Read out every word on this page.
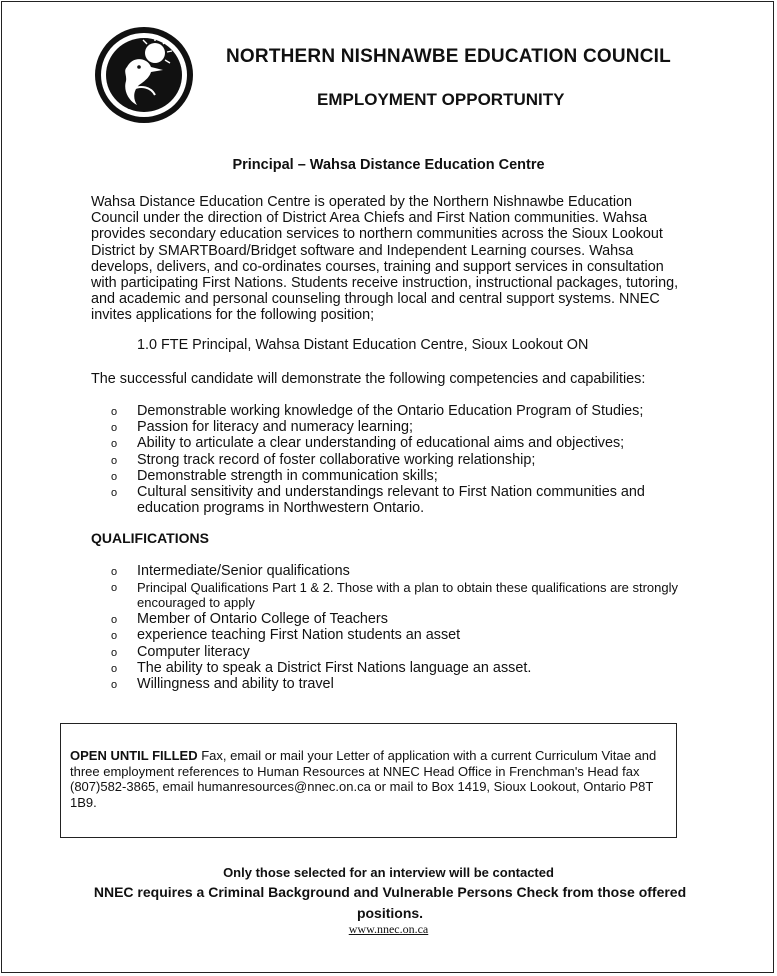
NORTHERN NISHNAWBE EDUCATION COUNCIL
EMPLOYMENT OPPORTUNITY
Principal – Wahsa Distance Education Centre
Wahsa Distance Education Centre is operated by the Northern Nishnawbe Education Council under the direction of District Area Chiefs and First Nation communities. Wahsa provides secondary education services to northern communities across the Sioux Lookout District by SMARTBoard/Bridget software and Independent Learning courses. Wahsa develops, delivers, and co-ordinates courses, training and support services in consultation with participating First Nations. Students receive instruction, instructional packages, tutoring, and academic and personal counseling through local and central support systems. NNEC invites applications for the following position;
1.0 FTE Principal, Wahsa Distant Education Centre, Sioux Lookout ON
The successful candidate will demonstrate the following competencies and capabilities:
o Demonstrable working knowledge of the Ontario Education Program of Studies;
o Passion for literacy and numeracy learning;
o Ability to articulate a clear understanding of educational aims and objectives;
o Strong track record of foster collaborative working relationship;
o Demonstrable strength in communication skills;
o Cultural sensitivity and understandings relevant to First Nation communities and education programs in Northwestern Ontario.
QUALIFICATIONS
o Intermediate/Senior qualifications
o Principal Qualifications Part 1 & 2. Those with a plan to obtain these qualifications are strongly encouraged to apply
o Member of Ontario College of Teachers
o experience teaching First Nation students an asset
o Computer literacy
o The ability to speak a District First Nations language an asset.
o Willingness and ability to travel
OPEN UNTIL FILLED Fax, email or mail your Letter of application with a current Curriculum Vitae and three employment references to Human Resources at NNEC Head Office in Frenchman's Head fax (807)582-3865, email humanresources@nnec.on.ca or mail to Box 1419, Sioux Lookout, Ontario P8T 1B9.
Only those selected for an interview will be contacted
NNEC requires a Criminal Background and Vulnerable Persons Check from those offered positions.
www.nnec.on.ca
